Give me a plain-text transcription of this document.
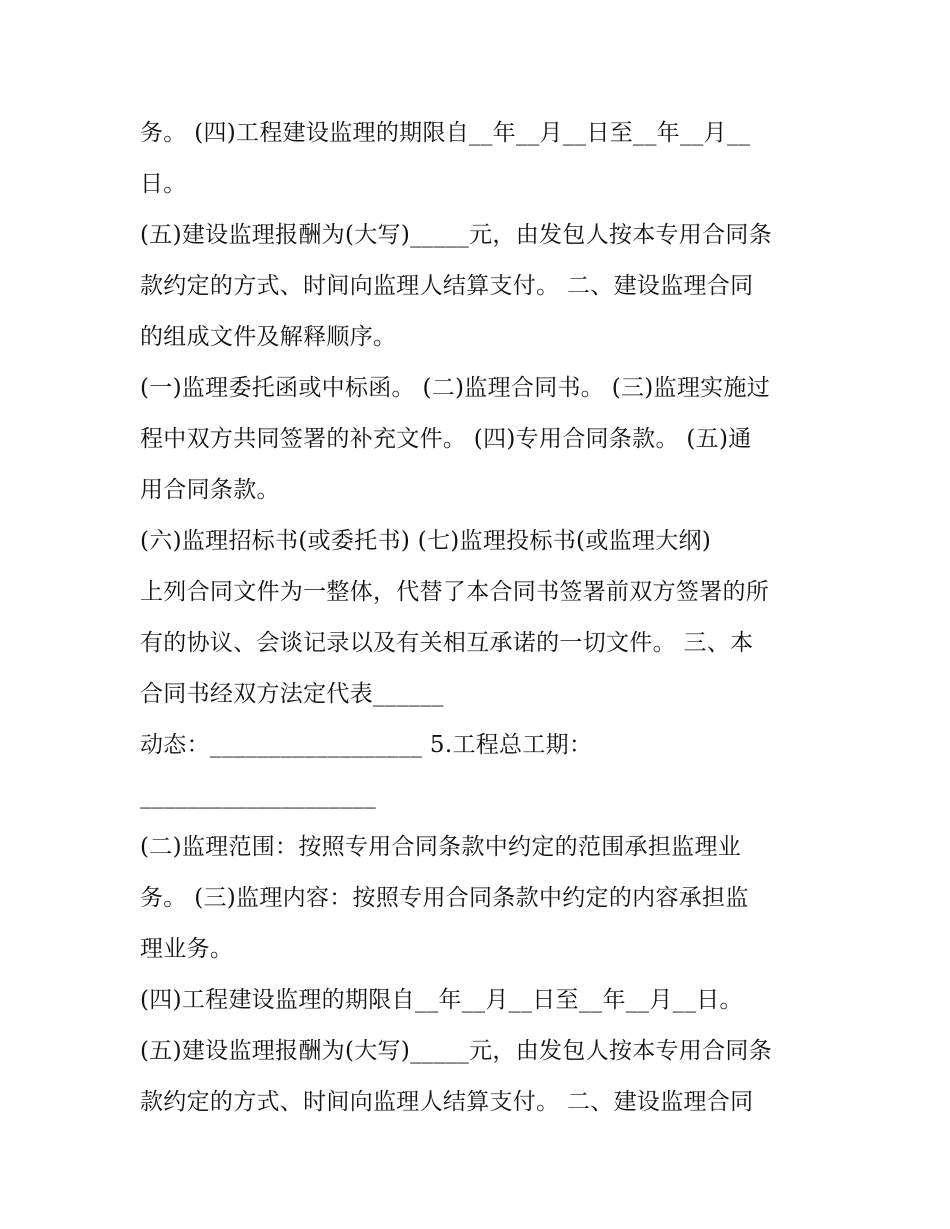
务。 (四)工程建设监理的期限自__年__月__日至__年__月__
日。
(五)建设监理报酬为(大写)_____元，由发包人按本专用合同条
款约定的方式、时间向监理人结算支付。 二、建设监理合同
的组成文件及解释顺序。
(一)监理委托函或中标函。 (二)监理合同书。 (三)监理实施过
程中双方共同签署的补充文件。 (四)专用合同条款。 (五)通
用合同条款。
(六)监理招标书(或委托书) (七)监理投标书(或监理大纲)
上列合同文件为一整体，代替了本合同书签署前双方签署的所
有的协议、会谈记录以及有关相互承诺的一切文件。 三、本
合同书经双方法定代表______
动态：__________________ 5.工程总工期：
____________________
(二)监理范围：按照专用合同条款中约定的范围承担监理业
务。 (三)监理内容：按照专用合同条款中约定的内容承担监
理业务。
(四)工程建设监理的期限自__年__月__日至__年__月__日。
(五)建设监理报酬为(大写)_____元，由发包人按本专用合同条
款约定的方式、时间向监理人结算支付。 二、建设监理合同
